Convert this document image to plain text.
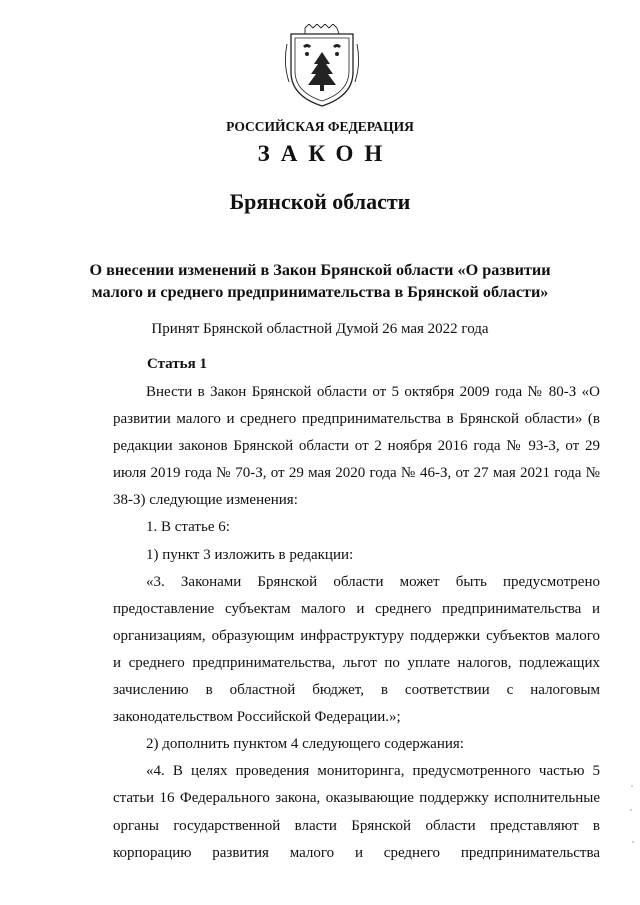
РОССИЙСКАЯ ФЕДЕРАЦИЯ
ЗАКОН
Брянской области
О внесении изменений в Закон Брянской области «О развитии
малого и среднего предпринимательства в Брянской области»
Принят Брянской областной Думой 26 мая 2022 года
Статья 1

Внести в Закон Брянской области от 5 октября 2009 года № 80-З «О развитии малого и среднего предпринимательства в Брянской области» (в редакции законов Брянской области от 2 ноября 2016 года № 93-З, от 29 июля 2019 года № 70-З, от 29 мая 2020 года № 46-З, от 27 мая 2021 года № 38-З) следующие изменения:

1. В статье 6:

1) пункт 3 изложить в редакции:

«3. Законами Брянской области может быть предусмотрено предоставление субъектам малого и среднего предпринимательства и организациям, образующим инфраструктуру поддержки субъектов малого и среднего предпринимательства, льгот по уплате налогов, подлежащих зачислению в областной бюджет, в соответствии с налоговым законодательством Российской Федерации.»;

2) дополнить пунктом 4 следующего содержания:

«4. В целях проведения мониторинга, предусмотренного частью 5 статьи 16 Федерального закона, оказывающие поддержку исполнительные органы государственной власти Брянской области представляют в корпорацию развития малого и среднего предпринимательства
